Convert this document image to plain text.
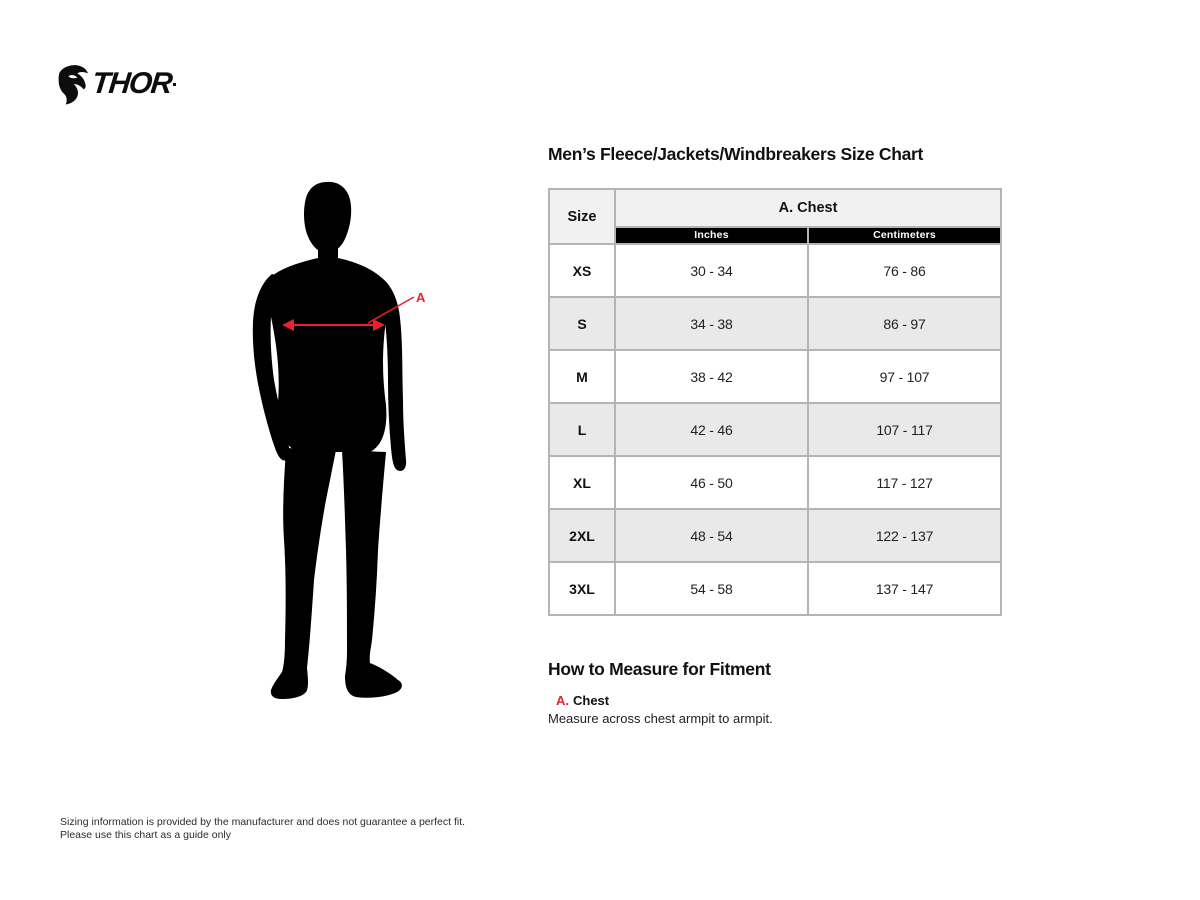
THOR
A
Men’s Fleece/Jackets/Windbreakers Size Chart
Size	A. Chest	
	Inches	Centimeters
XS	30 - 34	76 - 86
S	34 - 38	86 - 97
M	38 - 42	97 - 107
L	42 - 46	107 - 117
XL	46 - 50	117 - 127
2XL	48 - 54	122 - 137
3XL	54 - 58	137 - 147
How to Measure for Fitment
A. Chest
Measure across chest armpit to armpit.
Sizing information is provided by the manufacturer and does not guarantee a perfect fit.
Please use this chart as a guide only
